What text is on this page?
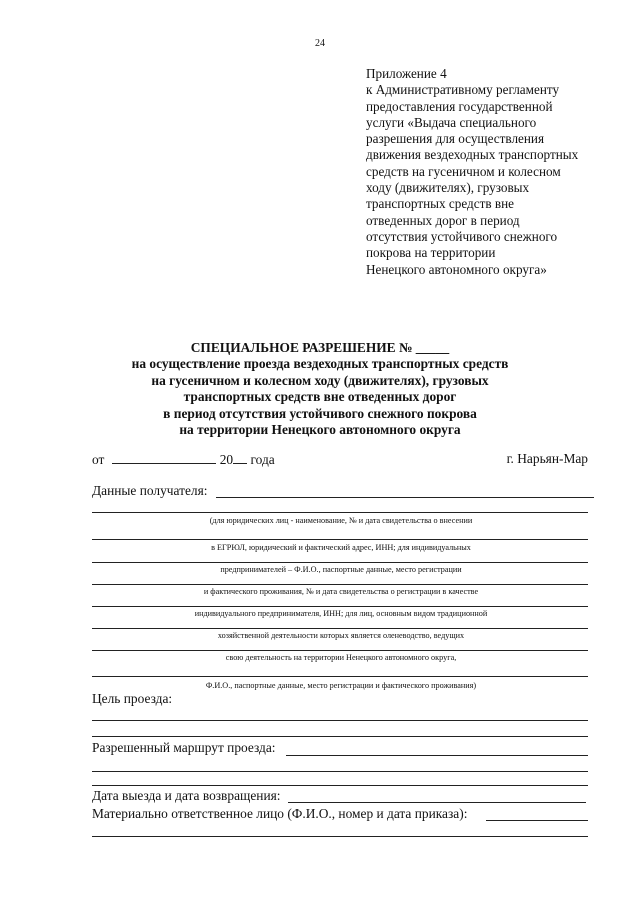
24
Приложение 4
к Административному регламенту
предоставления государственной
услуги «Выдача специального
разрешения для осуществления
движения вездеходных транспортных
средств на гусеничном и колесном
ходу (движителях), грузовых
транспортных средств вне
отведенных дорог в период
отсутствия устойчивого снежного
покрова на территории
Ненецкого автономного округа»
СПЕЦИАЛЬНОЕ РАЗРЕШЕНИЕ № _____
на осуществление проезда вездеходных транспортных средств
на гусеничном и колесном ходу (движителях), грузовых
транспортных средств вне отведенных дорог
в период отсутствия устойчивого снежного покрова
на территории Ненецкого автономного округа
от	20 года	г. Нарьян-Мар
Данные получателя:
(для юридических лиц - наименование, № и дата свидетельства о внесении
в ЕГРЮЛ, юридический и фактический адрес, ИНН; для индивидуальных
предпринимателей – Ф.И.О., паспортные данные, место регистрации
и фактического проживания, № и дата свидетельства о регистрации в качестве
индивидуального предпринимателя, ИНН; для лиц, основным видом традиционной
хозяйственной деятельности которых является оленеводство, ведущих
свою деятельность на территории Ненецкого автономного округа,
Ф.И.О., паспортные данные, место регистрации и фактического проживания)
Цель проезда:
Разрешенный маршрут проезда:
Дата выезда и дата возвращения:
Материально ответственное лицо (Ф.И.О., номер и дата приказа):
